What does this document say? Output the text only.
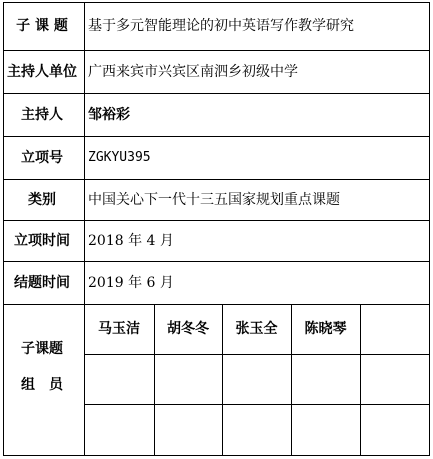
子 课 题	基于多元智能理论的初中英语写作教学研究
主持人单位 广西来宾市兴宾区南泗乡初级中学
主持人	邹裕彩
立项号	ZGKYU395
类别	中国关心下一代十三五国家规划重点课题
立项时间	2018 年 4 月
结题时间	2019 年 6 月
子课题
组　员
马玉洁	胡冬冬	张玉全	陈晓琴
